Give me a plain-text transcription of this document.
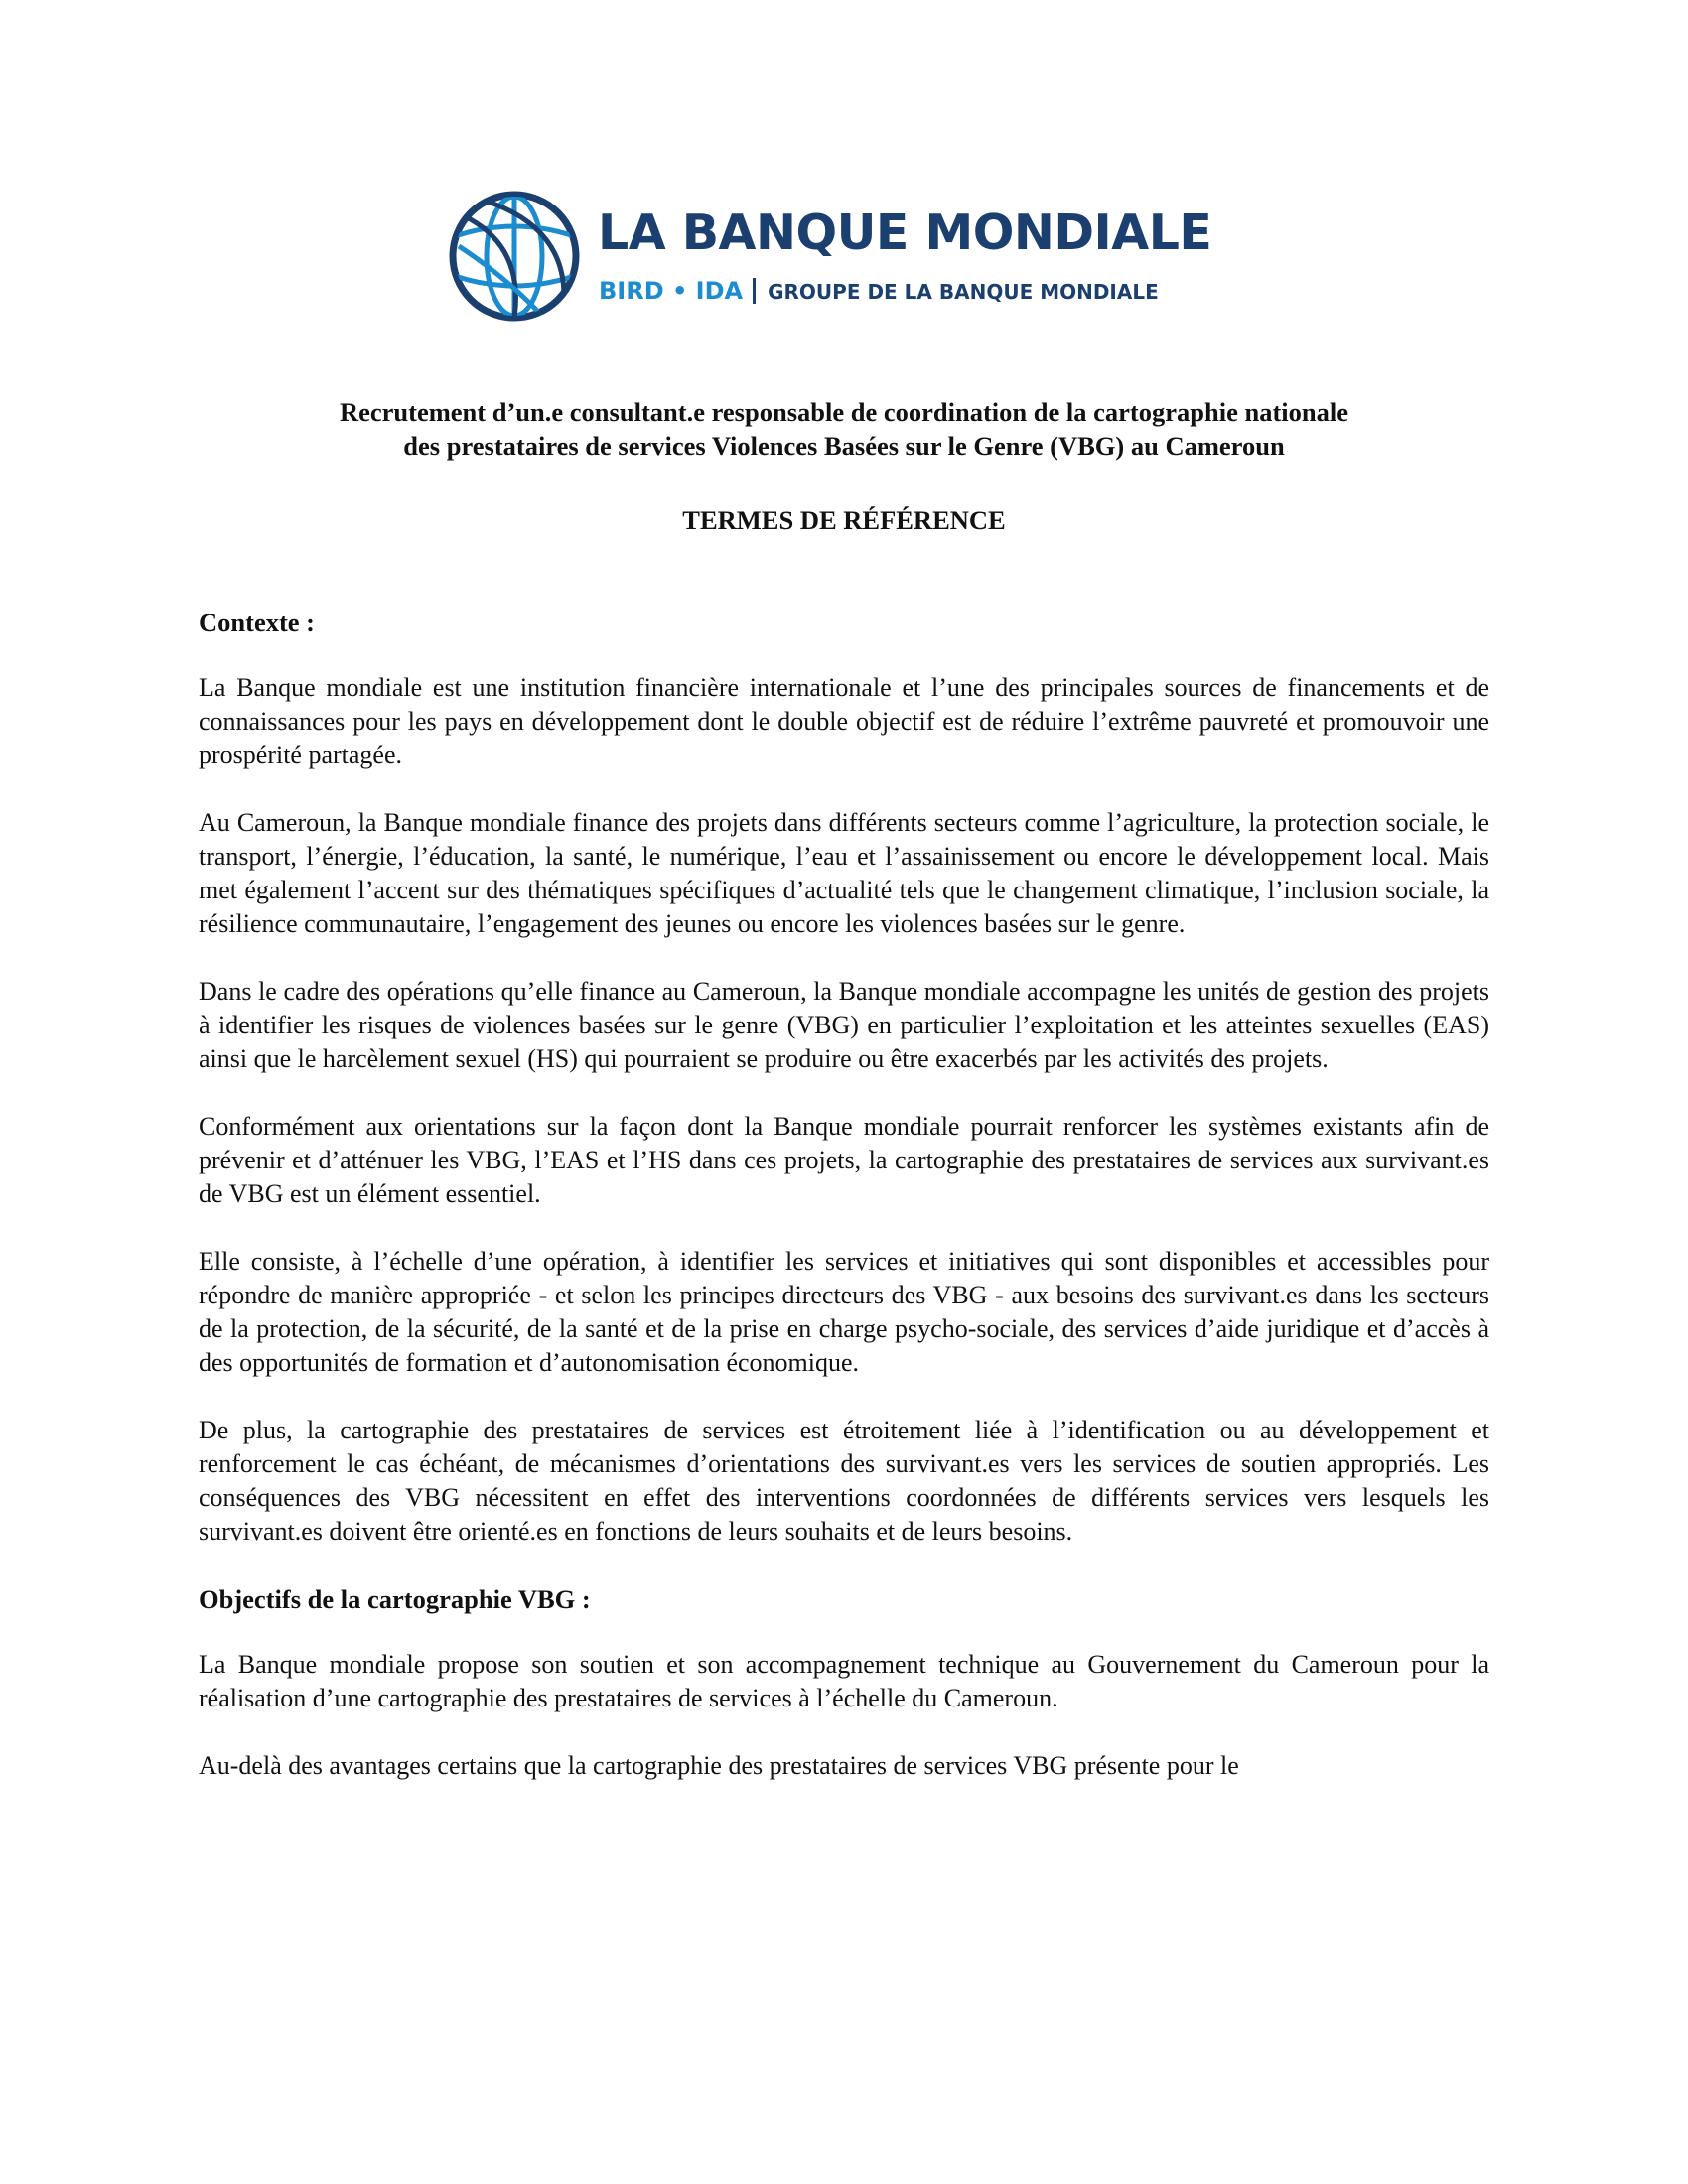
LA BANQUE MONDIALE
BIRD • IDA GROUPE DE LA BANQUE MONDIALE
Recrutement d’un.e consultant.e responsable de coordination de la cartographie nationale
des prestataires de services Violences Basées sur le Genre (VBG) au Cameroun
TERMES DE RÉFÉRENCE
Contexte :

La Banque mondiale est une institution financière internationale et l’une des principales sources de financements et de connaissances pour les pays en développement dont le double objectif est de réduire l’extrême pauvreté et promouvoir une prospérité partagée.

Au Cameroun, la Banque mondiale finance des projets dans différents secteurs comme l’agriculture, la protection sociale, le transport, l’énergie, l’éducation, la santé, le numérique, l’eau et l’assainissement ou encore le développement local. Mais met également l’accent sur des thématiques spécifiques d’actualité tels que le changement climatique, l’inclusion sociale, la résilience communautaire, l’engagement des jeunes ou encore les violences basées sur le genre.

Dans le cadre des opérations qu’elle finance au Cameroun, la Banque mondiale accompagne les unités de gestion des projets à identifier les risques de violences basées sur le genre (VBG) en particulier l’exploitation et les atteintes sexuelles (EAS) ainsi que le harcèlement sexuel (HS) qui pourraient se produire ou être exacerbés par les activités des projets.

Conformément aux orientations sur la façon dont la Banque mondiale pourrait renforcer les systèmes existants afin de prévenir et d’atténuer les VBG, l’EAS et l’HS dans ces projets, la cartographie des prestataires de services aux survivant.es de VBG est un élément essentiel.

Elle consiste, à l’échelle d’une opération, à identifier les services et initiatives qui sont disponibles et accessibles pour répondre de manière appropriée - et selon les principes directeurs des VBG - aux besoins des survivant.es dans les secteurs de la protection, de la sécurité, de la santé et de la prise en charge psycho-sociale, des services d’aide juridique et d’accès à des opportunités de formation et d’autonomisation économique.

De plus, la cartographie des prestataires de services est étroitement liée à l’identification ou au développement et renforcement le cas échéant, de mécanismes d’orientations des survivant.es vers les services de soutien appropriés. Les conséquences des VBG nécessitent en effet des interventions coordonnées de différents services vers lesquels les survivant.es doivent être orienté.es en fonctions de leurs souhaits et de leurs besoins.

Objectifs de la cartographie VBG :

La Banque mondiale propose son soutien et son accompagnement technique au Gouvernement du Cameroun pour la réalisation d’une cartographie des prestataires de services à l’échelle du Cameroun.

Au-delà des avantages certains que la cartographie des prestataires de services VBG présente pour le
